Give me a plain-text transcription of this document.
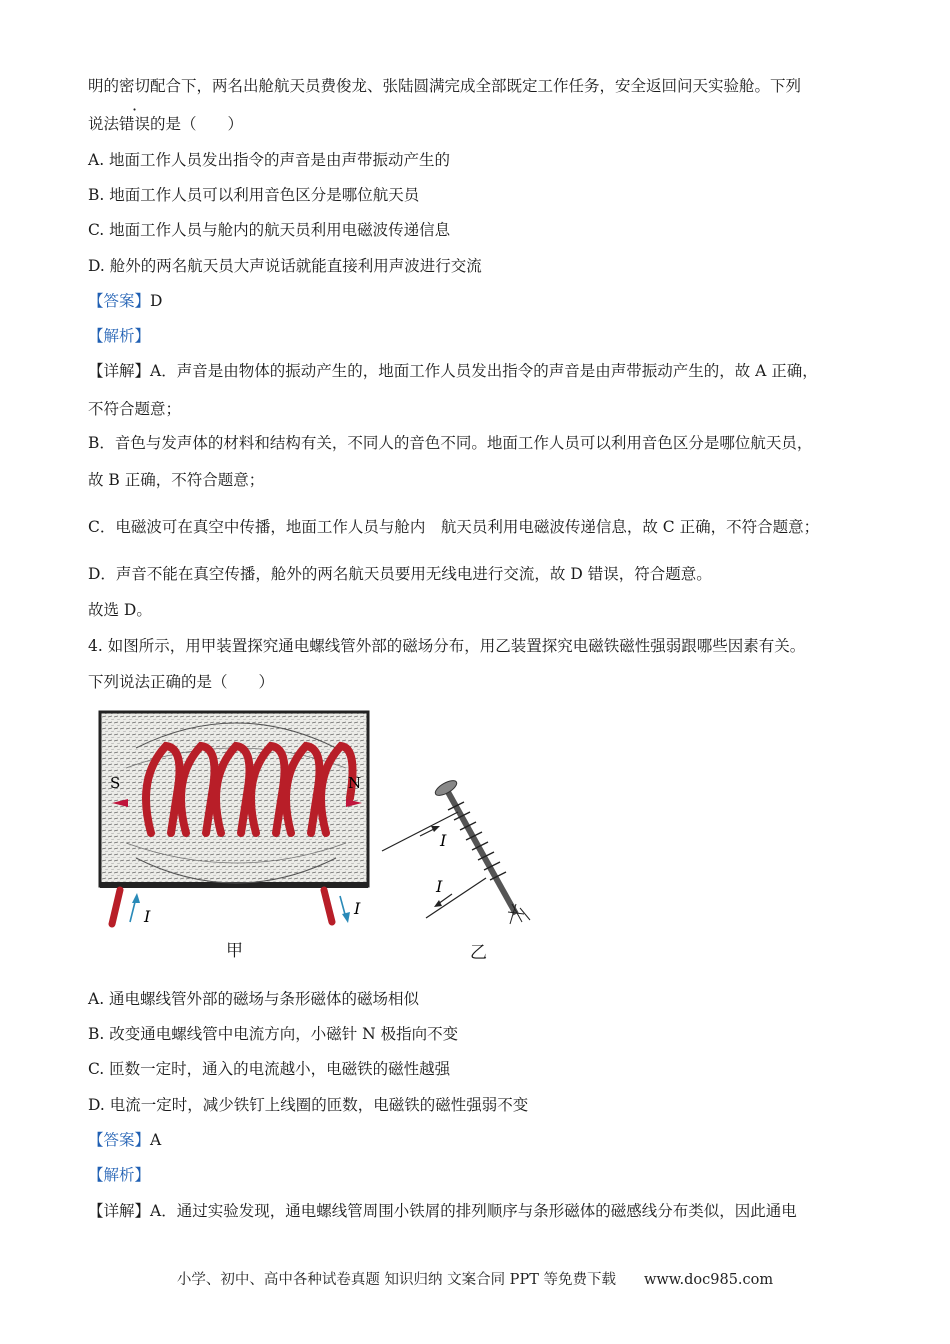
明的密切配合下，两名出舱航天员费俊龙、张陆圆满完成全部既定工作任务，安全返回问天实验舱。下列
说法错误的是（　　）
A. 地面工作人员发出指令的声音是由声带振动产生的
B. 地面工作人员可以利用音色区分是哪位航天员
C. 地面工作人员与舱内的航天员利用电磁波传递信息
D. 舱外的两名航天员大声说话就能直接利用声波进行交流
【答案】D
【解析】
【详解】A．声音是由物体的振动产生的，地面工作人员发出指令的声音是由声带振动产生的，故 A 正确，
不符合题意；
B．音色与发声体的材料和结构有关，不同人的音色不同。地面工作人员可以利用音色区分是哪位航天员，
故 B 正确，不符合题意；
C．电磁波可在真空中传播，地面工作人员与舱内　航天员利用电磁波传递信息，故 C 正确，不符合题意；
D．声音不能在真空传播，舱外的两名航天员要用无线电进行交流，故 D 错误，符合题意。
故选 D。
4. 如图所示，用甲装置探究通电螺线管外部的磁场分布，用乙装置探究电磁铁磁性强弱跟哪些因素有关。
下列说法正确的是（　　）
S	N
I	I
I
I
甲	乙
A. 通电螺线管外部的磁场与条形磁体的磁场相似
B. 改变通电螺线管中电流方向，小磁针 N 极指向不变
C. 匝数一定时，通入的电流越小，电磁铁的磁性越强
D. 电流一定时，减少铁钉上线圈的匝数，电磁铁的磁性强弱不变
【答案】A
【解析】
【详解】A．通过实验发现，通电螺线管周围小铁屑的排列顺序与条形磁体的磁感线分布类似，因此通电
小学、初中、高中各种试卷真题 知识归纳 文案合同 PPT 等免费下载 www.doc985.com
